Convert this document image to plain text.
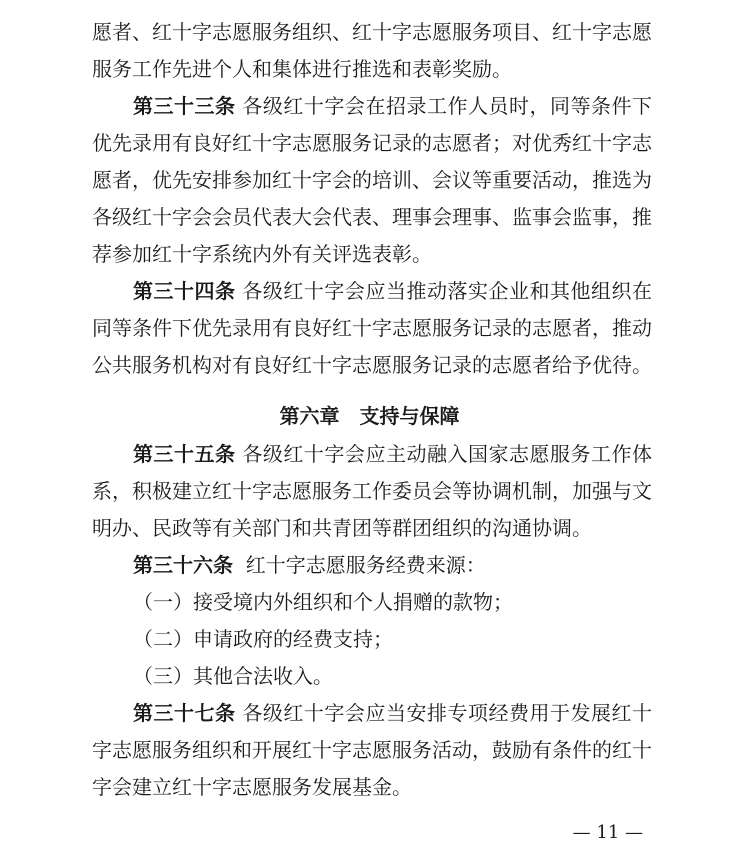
愿者、红十字志愿服务组织、红十字志愿服务项目、红十字志愿
服务工作先进个人和集体进行推选和表彰奖励。
第三十三条 各级红十字会在招录工作人员时，同等条件下
优先录用有良好红十字志愿服务记录的志愿者；对优秀红十字志
愿者，优先安排参加红十字会的培训、会议等重要活动，推选为
各级红十字会会员代表大会代表、理事会理事、监事会监事，推
荐参加红十字系统内外有关评选表彰。
第三十四条 各级红十字会应当推动落实企业和其他组织在
同等条件下优先录用有良好红十字志愿服务记录的志愿者，推动
公共服务机构对有良好红十字志愿服务记录的志愿者给予优待。
第六章　支持与保障
第三十五条 各级红十字会应主动融入国家志愿服务工作体
系，积极建立红十字志愿服务工作委员会等协调机制，加强与文
明办、民政等有关部门和共青团等群团组织的沟通协调。
第三十六条 红十字志愿服务经费来源：
（一）接受境内外组织和个人捐赠的款物；
（二）申请政府的经费支持；
（三）其他合法收入。
第三十七条 各级红十字会应当安排专项经费用于发展红十
字志愿服务组织和开展红十字志愿服务活动，鼓励有条件的红十
字会建立红十字志愿服务发展基金。
— 11 —
